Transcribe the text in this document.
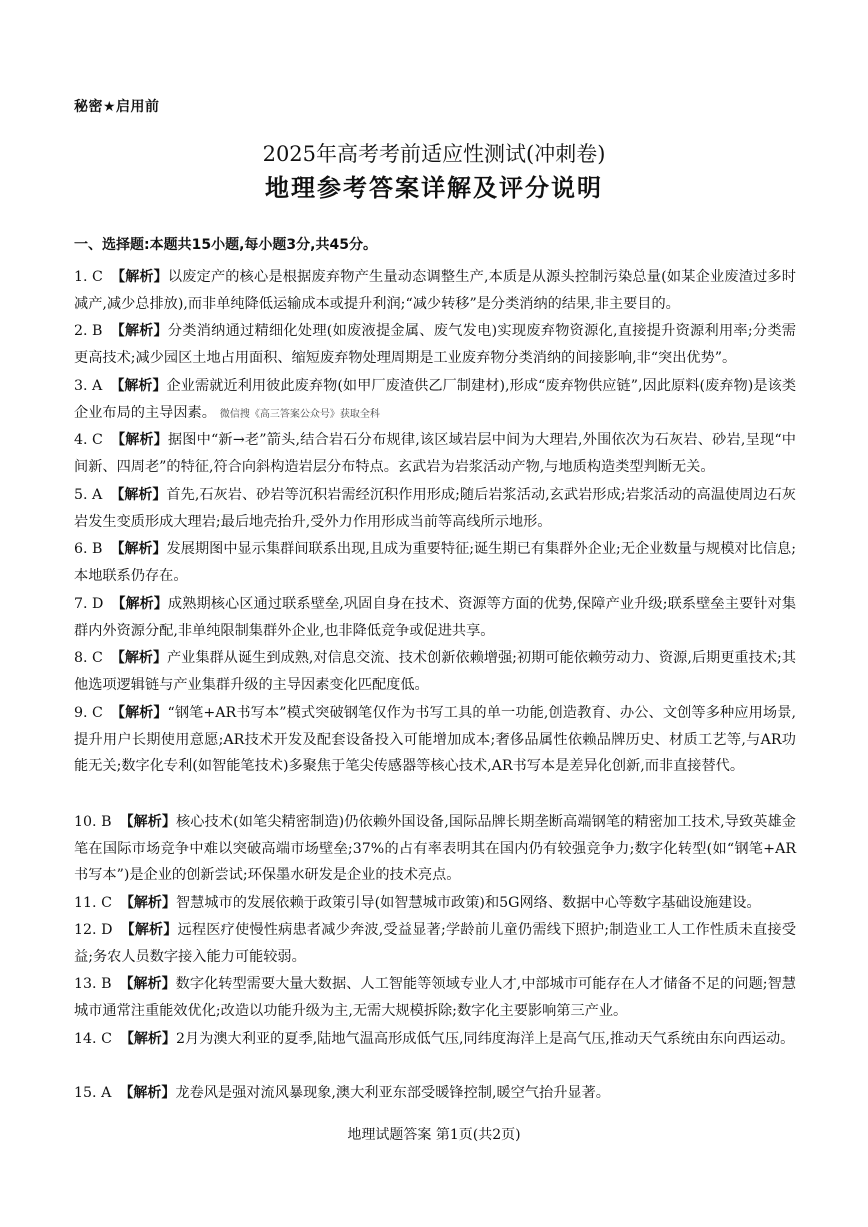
秘密★启用前
2025年高考考前适应性测试(冲刺卷)
地理参考答案详解及评分说明
一、选择题:本题共15小题,每小题3分,共45分。
1. C 【解析】以废定产的核心是根据废弃物产生量动态调整生产,本质是从源头控制污染总量(如某企业废渣过多时减产,减少总排放),而非单纯降低运输成本或提升利润;“减少转移”是分类消纳的结果,非主要目的。
2. B 【解析】分类消纳通过精细化处理(如废液提金属、废气发电)实现废弃物资源化,直接提升资源利用率;分类需更高技术;减少园区土地占用面积、缩短废弃物处理周期是工业废弃物分类消纳的间接影响,非“突出优势”。
3. A 【解析】企业需就近利用彼此废弃物(如甲厂废渣供乙厂制建材),形成“废弃物供应链”,因此原料(废弃物)是该类企业布局的主导因素。 微信搜《高三答案公众号》获取全科
4. C 【解析】据图中“新→老”箭头,结合岩石分布规律,该区域岩层中间为大理岩,外围依次为石灰岩、砂岩,呈现“中间新、四周老”的特征,符合向斜构造岩层分布特点。玄武岩为岩浆活动产物,与地质构造类型判断无关。
5. A 【解析】首先,石灰岩、砂岩等沉积岩需经沉积作用形成;随后岩浆活动,玄武岩形成;岩浆活动的高温使周边石灰岩发生变质形成大理岩;最后地壳抬升,受外力作用形成当前等高线所示地形。
6. B 【解析】发展期图中显示集群间联系出现,且成为重要特征;诞生期已有集群外企业;无企业数量与规模对比信息;本地联系仍存在。
7. D 【解析】成熟期核心区通过联系壁垒,巩固自身在技术、资源等方面的优势,保障产业升级;联系壁垒主要针对集群内外资源分配,非单纯限制集群外企业,也非降低竞争或促进共享。
8. C 【解析】产业集群从诞生到成熟,对信息交流、技术创新依赖增强;初期可能依赖劳动力、资源,后期更重技术;其他选项逻辑链与产业集群升级的主导因素变化匹配度低。
9. C 【解析】“钢笔+AR书写本”模式突破钢笔仅作为书写工具的单一功能,创造教育、办公、文创等多种应用场景,提升用户长期使用意愿;AR技术开发及配套设备投入可能增加成本;奢侈品属性依赖品牌历史、材质工艺等,与AR功能无关;数字化专利(如智能笔技术)多聚焦于笔尖传感器等核心技术,AR书写本是差异化创新,而非直接替代。
10. B 【解析】核心技术(如笔尖精密制造)仍依赖外国设备,国际品牌长期垄断高端钢笔的精密加工技术,导致英雄金笔在国际市场竞争中难以突破高端市场壁垒;37%的占有率表明其在国内仍有较强竞争力;数字化转型(如“钢笔+AR书写本”)是企业的创新尝试;环保墨水研发是企业的技术亮点。
11. C 【解析】智慧城市的发展依赖于政策引导(如智慧城市政策)和5G网络、数据中心等数字基础设施建设。
12. D 【解析】远程医疗使慢性病患者减少奔波,受益显著;学龄前儿童仍需线下照护;制造业工人工作性质未直接受益;务农人员数字接入能力可能较弱。
13. B 【解析】数字化转型需要大量大数据、人工智能等领域专业人才,中部城市可能存在人才储备不足的问题;智慧城市通常注重能效优化;改造以功能升级为主,无需大规模拆除;数字化主要影响第三产业。
14. C 【解析】2月为澳大利亚的夏季,陆地气温高形成低气压,同纬度海洋上是高气压,推动天气系统由东向西运动。
15. A 【解析】龙卷风是强对流风暴现象,澳大利亚东部受暖锋控制,暖空气抬升显著。
地理试题答案 第1页(共2页)
